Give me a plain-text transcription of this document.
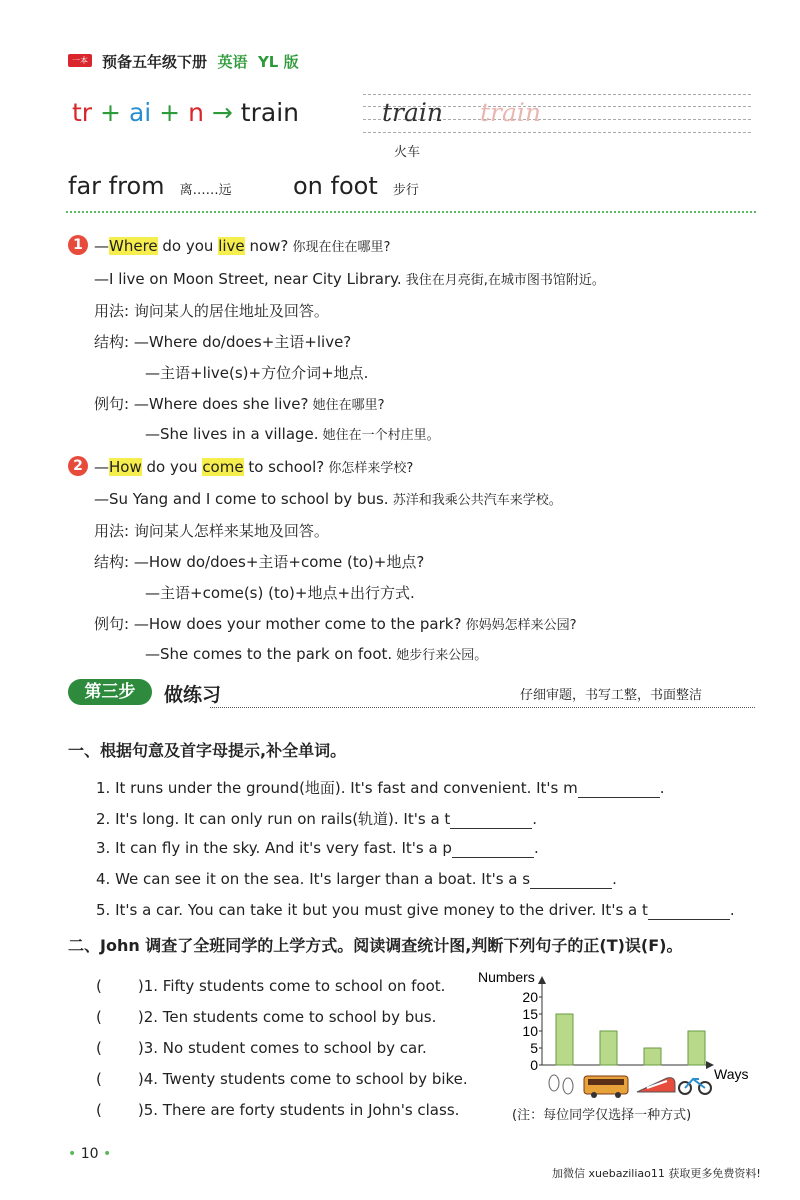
一本 预备五年级下册 英语 YL 版
tr + ai + n → train	train train
火车
far from 离……远	on foot 步行
1 —Where do you live now? 你现在住在哪里?
—I live on Moon Street, near City Library. 我住在月亮街,在城市图书馆附近。
用法: 询问某人的居住地址及回答。
结构: —Where do/does+主语+live?
—主语+live(s)+方位介词+地点.
例句: —Where does she live? 她住在哪里?
—She lives in a village. 她住在一个村庄里。
2 —How do you come to school? 你怎样来学校?
—Su Yang and I come to school by bus. 苏洋和我乘公共汽车来学校。
用法: 询问某人怎样来某地及回答。
结构: —How do/does+主语+come (to)+地点?
—主语+come(s) (to)+地点+出行方式.
例句: —How does your mother come to the park? 你妈妈怎样来公园?
—She comes to the park on foot. 她步行来公园。
第三步	做练习	仔细审题，书写工整，书面整洁
一、根据句意及首字母提示,补全单词。
1. It runs under the ground(地面). It's fast and convenient. It's m	.
2. It's long. It can only run on rails(轨道). It's a t	.
3. It can fly in the sky. And it's very fast. It's a p	.
4. We can see it on the sea. It's larger than a boat. It's a s	.
5. It's a car. You can take it but you must give money to the driver. It's a t	.
二、John 调查了全班同学的上学方式。阅读调查统计图,判断下列句子的正(T)误(F)。
( )1. Fifty students come to school on foot.
( )2. Ten students come to school by bus.
( )3. No student comes to school by car.
( )4. Twenty students come to school by bike.
( )5. There are forty students in John's class.
Numbers
0
5
10
15
20
Ways
(注：每位同学仅选择一种方式)
• 10 •
加微信 xuebaziliao11 获取更多免费资料!
